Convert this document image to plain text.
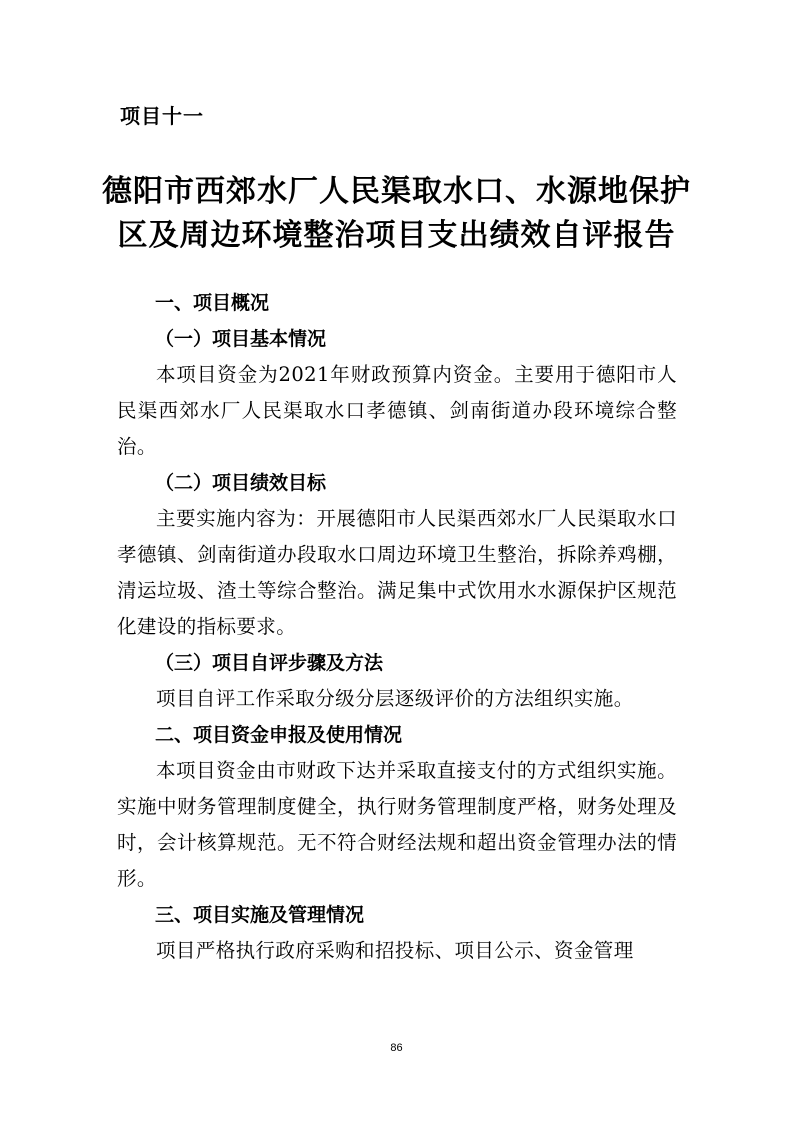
项目十一
德阳市西郊水厂人民渠取水口、水源地保护
区及周边环境整治项目支出绩效自评报告

一、项目概况

（一）项目基本情况

本项目资金为2021年财政预算内资金。主要用于德阳市人民渠西郊水厂人民渠取水口孝德镇、剑南街道办段环境综合整治。

（二）项目绩效目标

主要实施内容为：开展德阳市人民渠西郊水厂人民渠取水口孝德镇、剑南街道办段取水口周边环境卫生整治，拆除养鸡棚，清运垃圾、渣土等综合整治。满足集中式饮用水水源保护区规范化建设的指标要求。

（三）项目自评步骤及方法

项目自评工作采取分级分层逐级评价的方法组织实施。

二、项目资金申报及使用情况

本项目资金由市财政下达并采取直接支付的方式组织实施。实施中财务管理制度健全，执行财务管理制度严格，财务处理及时，会计核算规范。无不符合财经法规和超出资金管理办法的情形。

三、项目实施及管理情况

项目严格执行政府采购和招投标、项目公示、资金管理

86
